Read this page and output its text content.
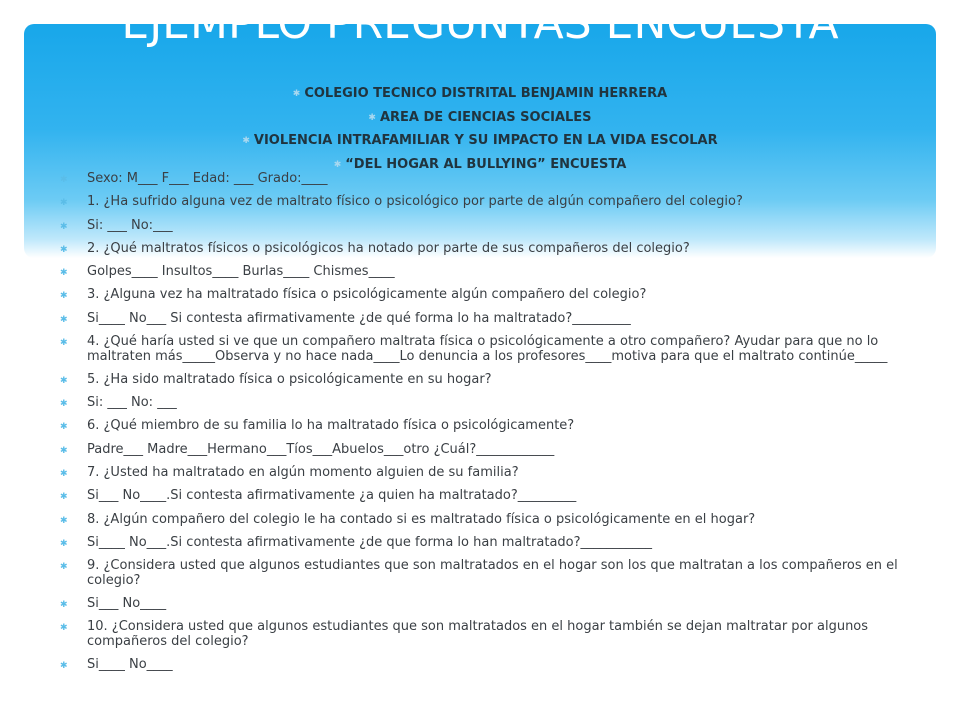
EJEMPLO PREGUNTAS ENCUESTA
✱ COLEGIO TECNICO DISTRITAL BENJAMIN HERRERA
✱ AREA DE CIENCIAS SOCIALES
✱ VIOLENCIA INTRAFAMILIAR Y SU IMPACTO EN LA VIDA ESCOLAR
✱ “DEL HOGAR AL BULLYING” ENCUESTA
✱ Sexo: M___ F___ Edad: ___ Grado:____
✱ 1. ¿Ha sufrido alguna vez de maltrato físico o psicológico por parte de algún compañero del colegio?
✱ Si: ___ No:___
✱ 2. ¿Qué maltratos físicos o psicológicos ha notado por parte de sus compañeros del colegio?
✱ Golpes____ Insultos____ Burlas____ Chismes____
✱ 3. ¿Alguna vez ha maltratado física o psicológicamente algún compañero del colegio?
✱ Si____ No___ Si contesta afirmativamente ¿de qué forma lo ha maltratado?_________
✱ 4. ¿Qué haría usted si ve que un compañero maltrata física o psicológicamente a otro compañero? Ayudar para que no lo maltraten más_____Observa y no hace nada____Lo denuncia a los profesores____motiva para que el maltrato continúe_____
✱ 5. ¿Ha sido maltratado física o psicológicamente en su hogar?
✱ Si: ___ No: ___
✱ 6. ¿Qué miembro de su familia lo ha maltratado física o psicológicamente?
✱ Padre___ Madre___Hermano___Tíos___Abuelos___otro ¿Cuál?____________
✱ 7. ¿Usted ha maltratado en algún momento alguien de su familia?
✱ Si___ No____.Si contesta afirmativamente ¿a quien ha maltratado?_________
✱ 8. ¿Algún compañero del colegio le ha contado si es maltratado física o psicológicamente en el hogar?
✱ Si____ No___.Si contesta afirmativamente ¿de que forma lo han maltratado?___________
✱ 9. ¿Considera usted que algunos estudiantes que son maltratados en el hogar son los que maltratan a los compañeros en el colegio?
✱ Si___ No____
✱ 10. ¿Considera usted que algunos estudiantes que son maltratados en el hogar también se dejan maltratar por algunos compañeros del colegio?
✱ Si____ No____
